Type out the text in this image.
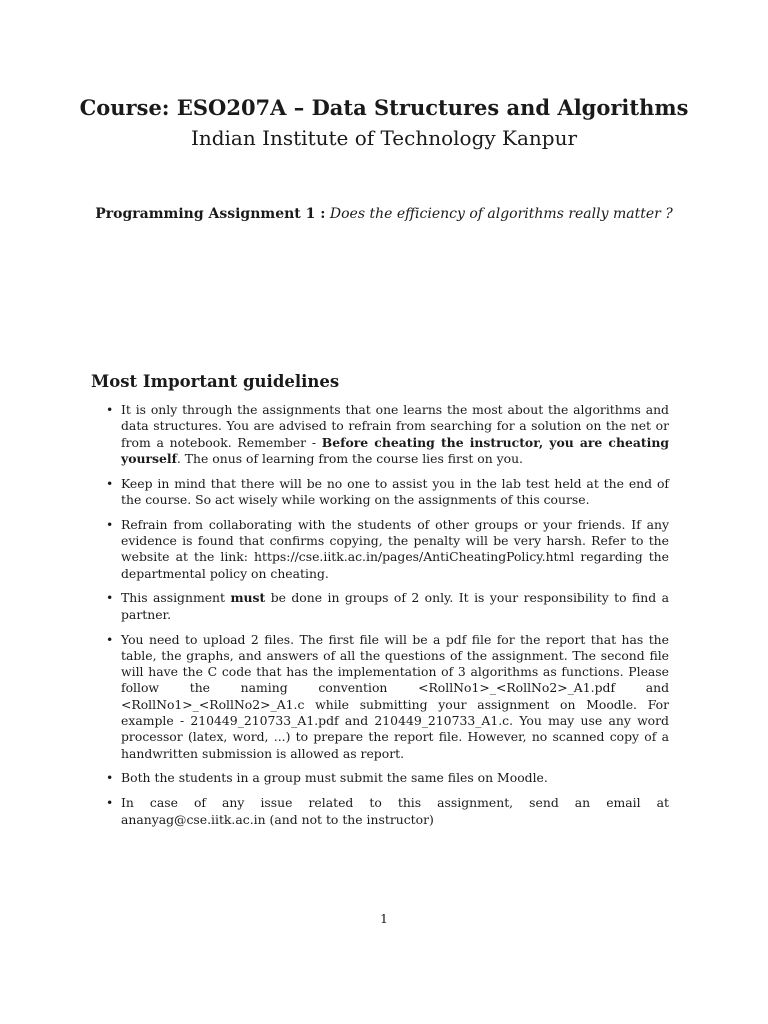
Course: ESO207A – Data Structures and Algorithms
Indian Institute of Technology Kanpur
Programming Assignment 1 : Does the efficiency of algorithms really matter ?
Most Important guidelines
• It is only through the assignments that one learns the most about the algorithms and data structures. You are advised to refrain from searching for a solution on the net or from a notebook. Remember - Before cheating the instructor, you are cheating yourself. The onus of learning from the course lies first on you.
• Keep in mind that there will be no one to assist you in the lab test held at the end of the course. So act wisely while working on the assignments of this course.
• Refrain from collaborating with the students of other groups or your friends. If any evidence is found that confirms copying, the penalty will be very harsh. Refer to the website at the link: https://cse.iitk.ac.in/pages/AntiCheatingPolicy.html regarding the departmental policy on cheating.
• This assignment must be done in groups of 2 only. It is your responsibility to find a partner.
• You need to upload 2 files. The first file will be a pdf file for the report that has the table, the graphs, and answers of all the questions of the assignment. The second file will have the C code that has the implementation of 3 algorithms as functions. Please follow the naming convention <RollNo1>_<RollNo2>_A1.pdf and <RollNo1>_<RollNo2>_A1.c while submitting your assignment on Moodle. For example - 210449_210733_A1.pdf and 210449_210733_A1.c. You may use any word processor (latex, word, ...) to prepare the report file. However, no scanned copy of a handwritten submission is allowed as report.
• Both the students in a group must submit the same files on Moodle.
• In case of any issue related to this assignment, send an email at ananyag@cse.iitk.ac.in (and not to the instructor)
1
